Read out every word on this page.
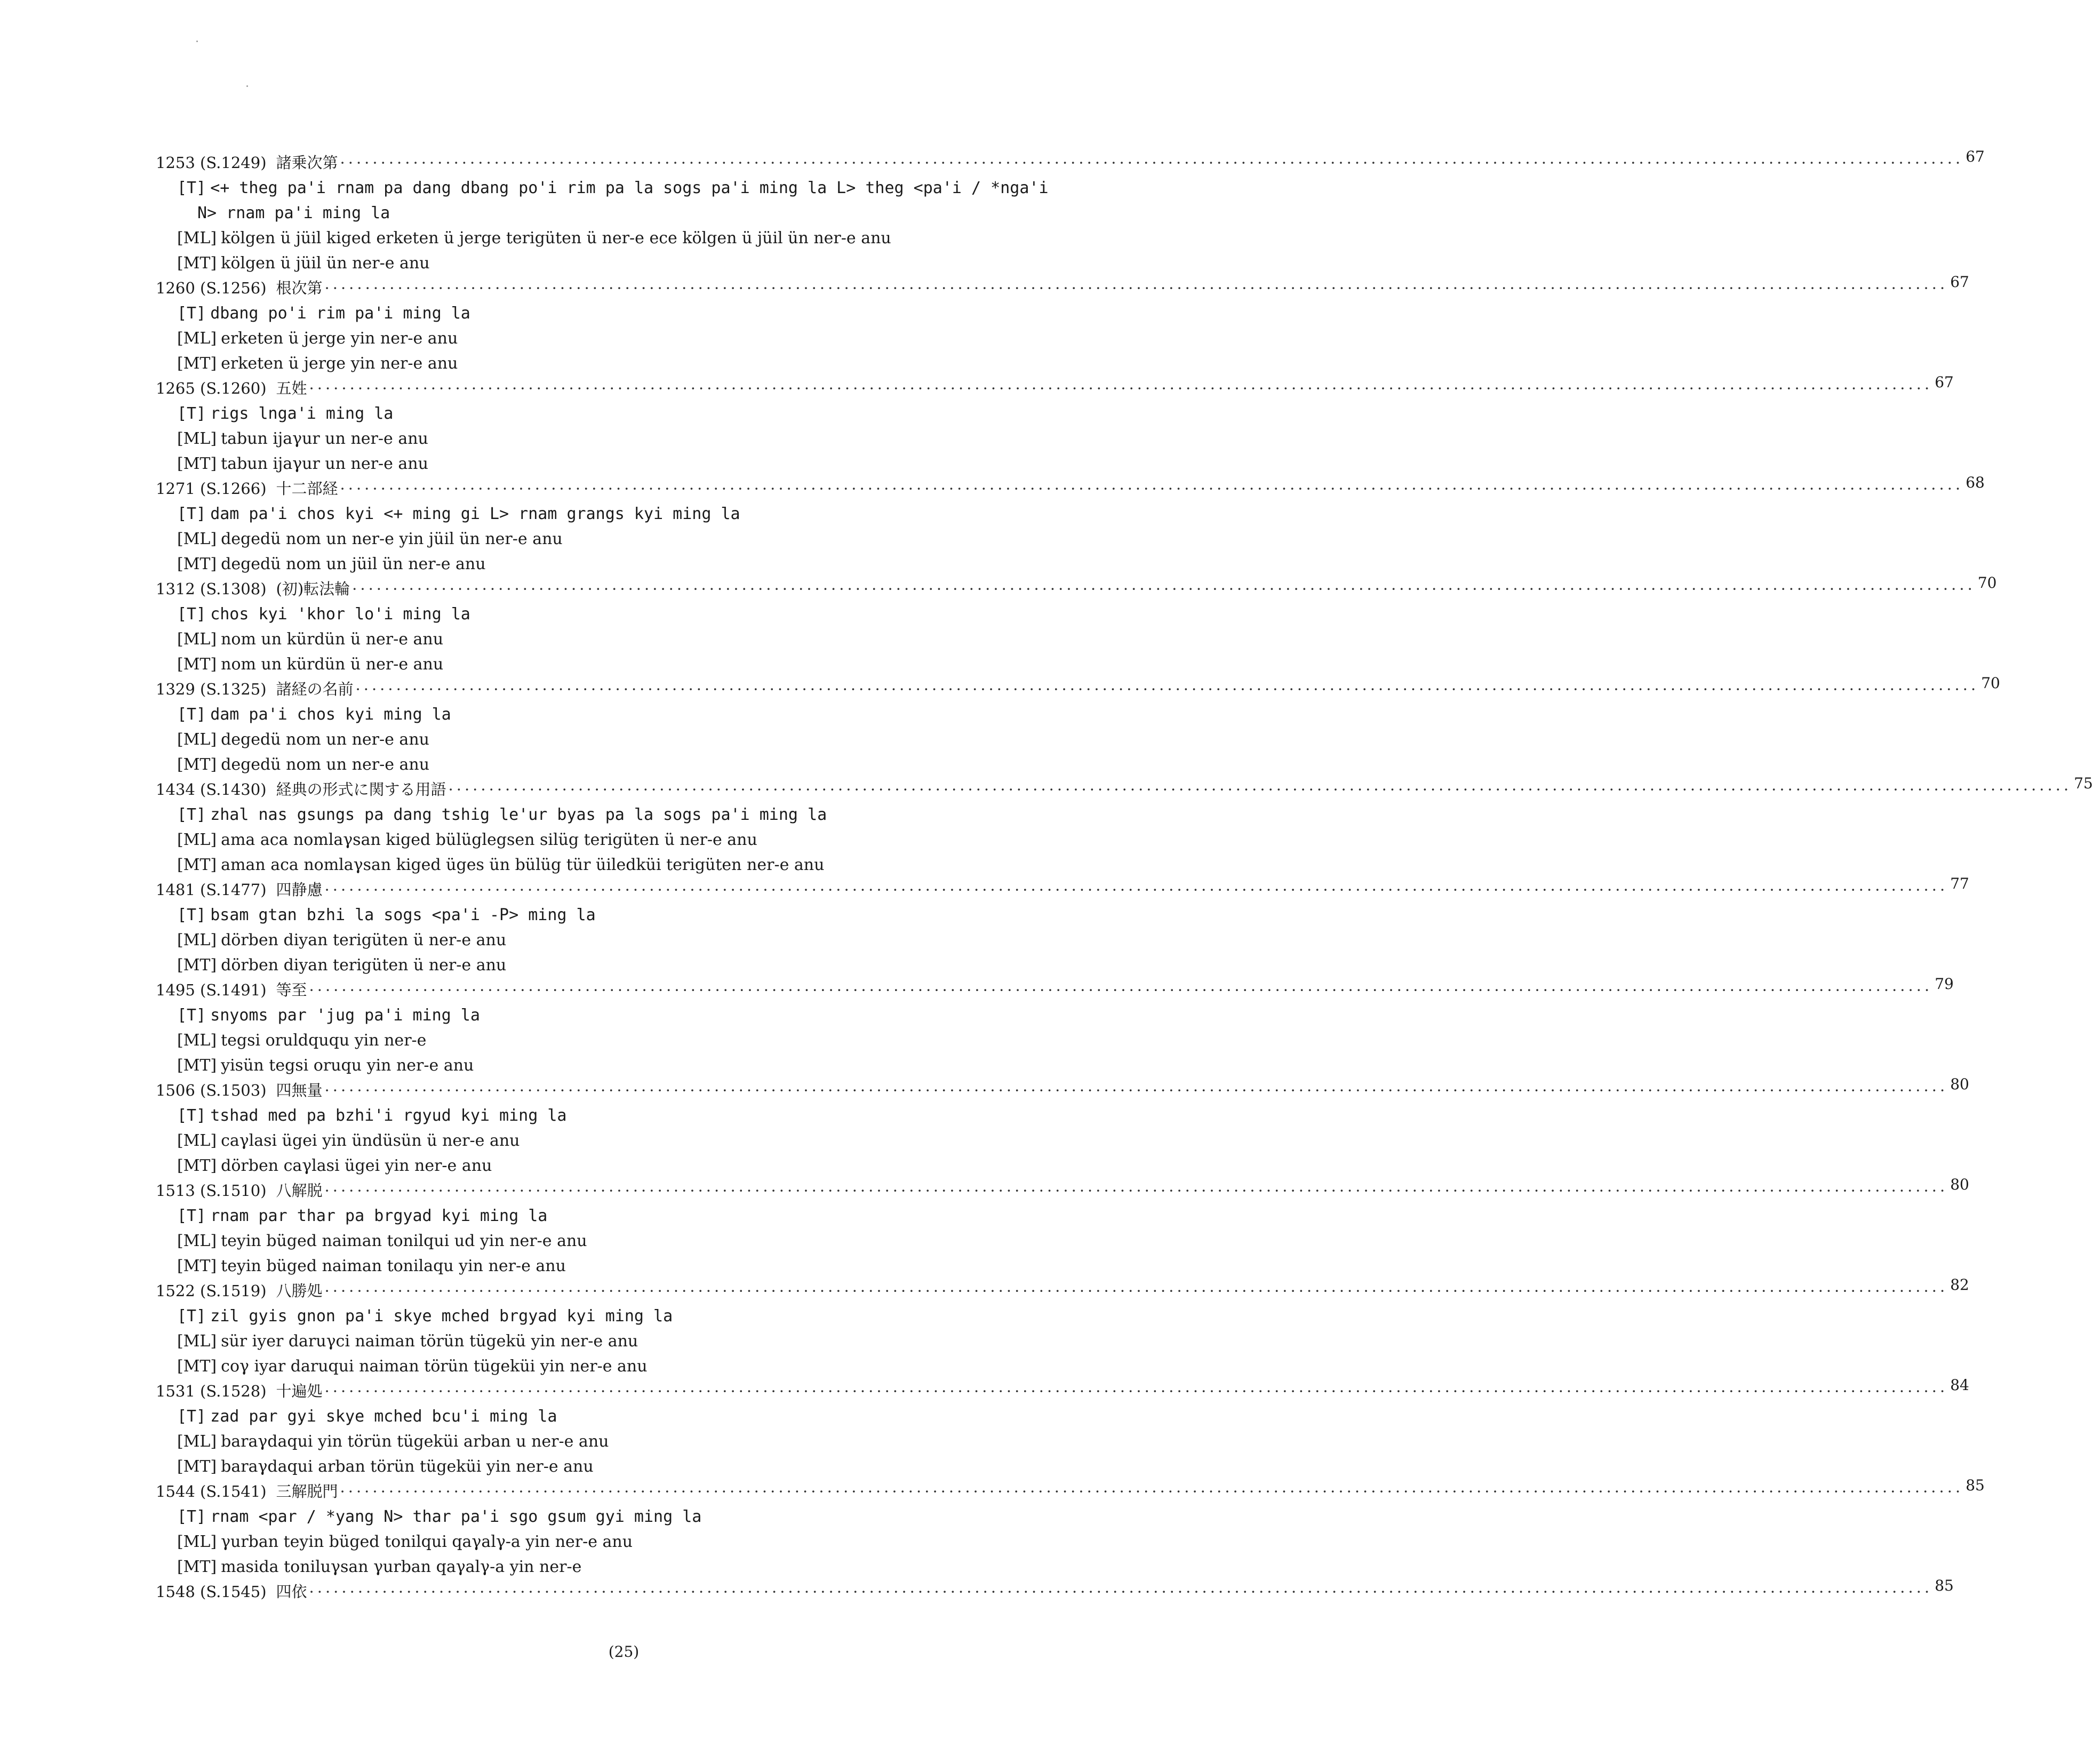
1253 (S.1249) 諸乗次第 ········································································································································································································ 67
[T] <+ theg pa'i rnam pa dang dbang po'i rim pa la sogs pa'i ming la L> theg <pa'i / *nga'i
N> rnam pa'i ming la
[ML] kölgen ü jüil kiged erketen ü jerge terigüten ü ner-e ece kölgen ü jüil ün ner-e anu
[MT] kölgen ü jüil ün ner-e anu
1260 (S.1256) 根次第 ········································································································································································································ 67
[T] dbang po'i rim pa'i ming la
[ML] erketen ü jerge yin ner-e anu
[MT] erketen ü jerge yin ner-e anu
1265 (S.1260) 五姓 ········································································································································································································ 67
[T] rigs lnga'i ming la
[ML] tabun ijaγur un ner-e anu
[MT] tabun ijaγur un ner-e anu
1271 (S.1266) 十二部経 ········································································································································································································ 68
[T] dam pa'i chos kyi <+ ming gi L> rnam grangs kyi ming la
[ML] degedü nom un ner-e yin jüil ün ner-e anu
[MT] degedü nom un jüil ün ner-e anu
1312 (S.1308) (初)転法輪 ········································································································································································································ 70
[T] chos kyi 'khor lo'i ming la
[ML] nom un kürdün ü ner-e anu
[MT] nom un kürdün ü ner-e anu
1329 (S.1325) 諸経の名前 ········································································································································································································ 70
[T] dam pa'i chos kyi ming la
[ML] degedü nom un ner-e anu
[MT] degedü nom un ner-e anu
1434 (S.1430) 経典の形式に関する用語 ········································································································································································································ 75
[T] zhal nas gsungs pa dang tshig le'ur byas pa la sogs pa'i ming la
[ML] ama aca nomlaγsan kiged bülüglegsen silüg terigüten ü ner-e anu
[MT] aman aca nomlaγsan kiged üges ün bülüg tür üiledküi terigüten ner-e anu
1481 (S.1477) 四静慮 ········································································································································································································ 77
[T] bsam gtan bzhi la sogs <pa'i -P> ming la
[ML] dörben diyan terigüten ü ner-e anu
[MT] dörben diyan terigüten ü ner-e anu
1495 (S.1491) 等至 ········································································································································································································ 79
[T] snyoms par 'jug pa'i ming la
[ML] tegsi oruldququ yin ner-e
[MT] yisün tegsi oruqu yin ner-e anu
1506 (S.1503) 四無量 ········································································································································································································ 80
[T] tshad med pa bzhi'i rgyud kyi ming la
[ML] caγlasi ügei yin ündüsün ü ner-e anu
[MT] dörben caγlasi ügei yin ner-e anu
1513 (S.1510) 八解脱 ········································································································································································································ 80
[T] rnam par thar pa brgyad kyi ming la
[ML] teyin büged naiman tonilqui ud yin ner-e anu
[MT] teyin büged naiman tonilaqu yin ner-e anu
1522 (S.1519) 八勝処 ········································································································································································································ 82
[T] zil gyis gnon pa'i skye mched brgyad kyi ming la
[ML] sür iyer daruγci naiman törün tügekü yin ner-e anu
[MT] coγ iyar daruqui naiman törün tügeküi yin ner-e anu
1531 (S.1528) 十遍処 ········································································································································································································ 84
[T] zad par gyi skye mched bcu'i ming la
[ML] baraγdaqui yin törün tügeküi arban u ner-e anu
[MT] baraγdaqui arban törün tügeküi yin ner-e anu
1544 (S.1541) 三解脱門 ········································································································································································································ 85
[T] rnam <par / *yang N> thar pa'i sgo gsum gyi ming la
[ML] γurban teyin büged tonilqui qaγalγ-a yin ner-e anu
[MT] masida toniluγsan γurban qaγalγ-a yin ner-e
1548 (S.1545) 四依 ········································································································································································································ 85
(25)
